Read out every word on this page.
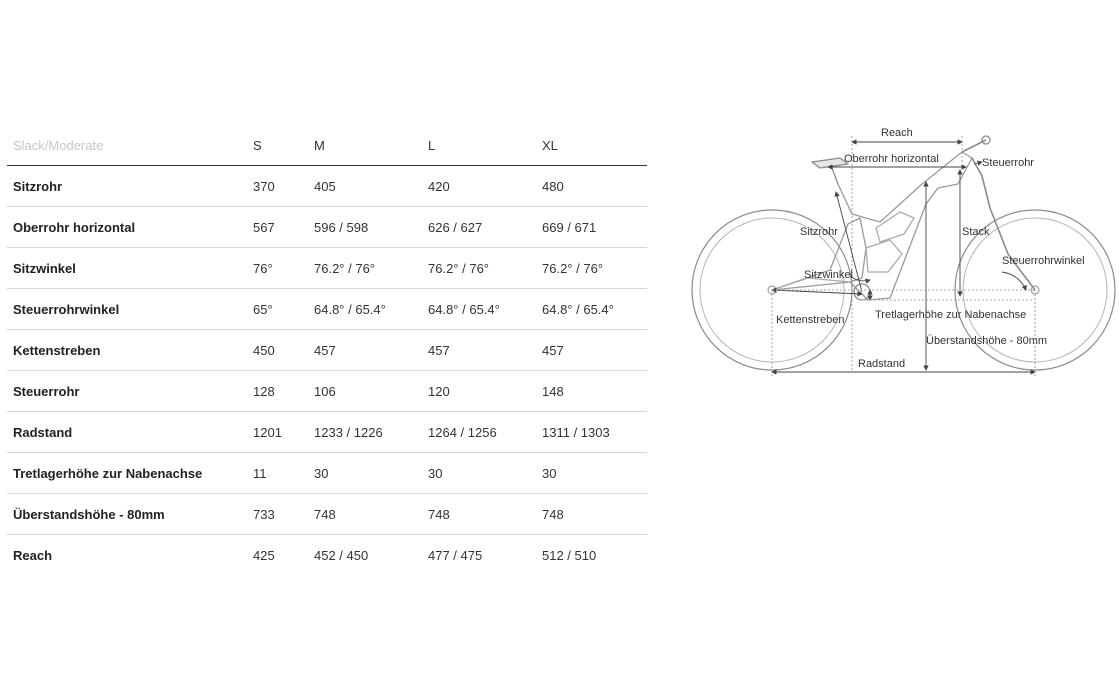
Slack/Moderate	S	M	L	XL
Sitzrohr	370	405	420	480
Oberrohr horizontal	567	596 / 598	626 / 627	669 / 671
Sitzwinkel	76°	76.2° / 76°	76.2° / 76°	76.2° / 76°
Steuerrohrwinkel	65°	64.8° / 65.4°	64.8° / 65.4°	64.8° / 65.4°
Kettenstreben	450	457	457	457
Steuerrohr	128	106	120	148
Radstand	1201	1233 / 1226	1264 / 1256	1311 / 1303
Tretlagerhöhe zur Nabenachse	11	30	30	30
Überstandshöhe - 80mm	733	748	748	748
Reach	425	452 / 450	477 / 475	512 / 510
Reach
Oberrohr horizontal	Steuerrohr
Sitzrohr	Stack
Sitzwinkel
Steuerrohrwinkel
Kettenstreben	Tretlagerhöhe zur Nabenachse
Überstandshöhe - 80mm
Radstand
